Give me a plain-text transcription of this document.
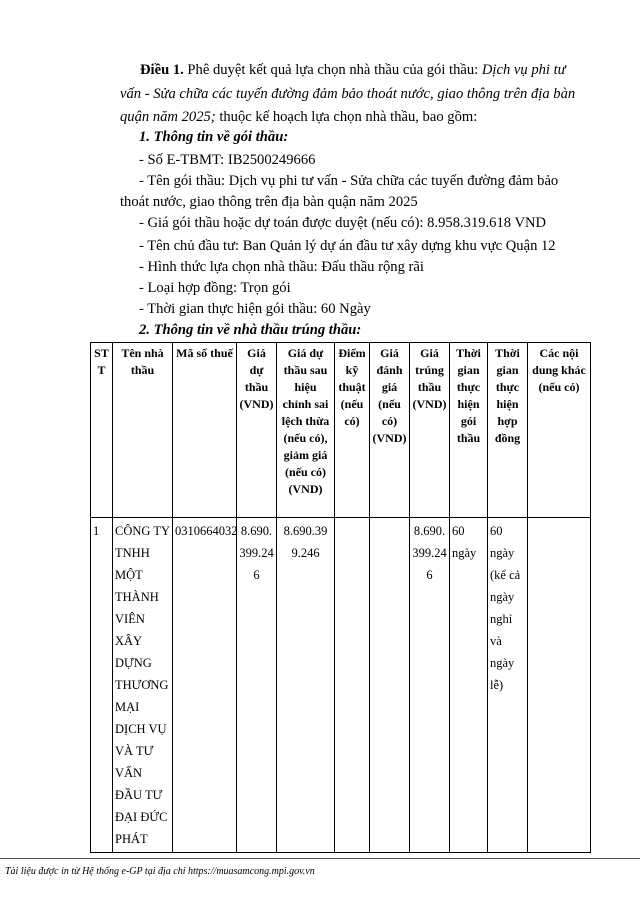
Điều 1. Phê duyệt kết quả lựa chọn nhà thầu của gói thầu: Dịch vụ phi tư
vấn - Sửa chữa các tuyến đường đảm bảo thoát nước, giao thông trên địa bàn
quận năm 2025; thuộc kế hoạch lựa chọn nhà thầu, bao gồm:
1. Thông tin về gói thầu:
- Số E-TBMT: IB2500249666
- Tên gói thầu: Dịch vụ phi tư vấn - Sửa chữa các tuyến đường đảm bảo
thoát nước, giao thông trên địa bàn quận năm 2025
- Giá gói thầu hoặc dự toán được duyệt (nếu có): 8.958.319.618 VND
- Tên chủ đầu tư: Ban Quản lý dự án đầu tư xây dựng khu vực Quận 12
- Hình thức lựa chọn nhà thầu: Đấu thầu rộng rãi
- Loại hợp đồng: Trọn gói
- Thời gian thực hiện gói thầu: 60 Ngày
2. Thông tin về nhà thầu trúng thầu:
STT	Tên nhà thầu	Mã số thuế	Giá dự thầu (VND)	Giá dự thầu sau hiệu chỉnh sai lệch thừa (nếu có), giảm giá (nếu có) (VND)	Điểm kỹ thuật (nếu có)	Giá đánh giá (nếu có) (VND)	Giá trúng thầu (VND)	Thời gian thực hiện gói thầu	Thời gian thực hiện hợp đồng	Các nội dung khác (nếu có)
1	CÔNG TY TNHH MỘT THÀNH VIÊN XÂY DỰNG THƯƠNG MẠI DỊCH VỤ VÀ TƯ VẤN ĐẦU TƯ ĐẠI ĐỨC PHÁT	0310664032	8.690.399.246	8.690.399.246			8.690.399.246	60 ngày	60 ngày (kể cả ngày nghỉ và ngày lễ)	
Tài liệu được in từ Hệ thống e-GP tại địa chỉ https://muasamcong.mpi.gov.vn
